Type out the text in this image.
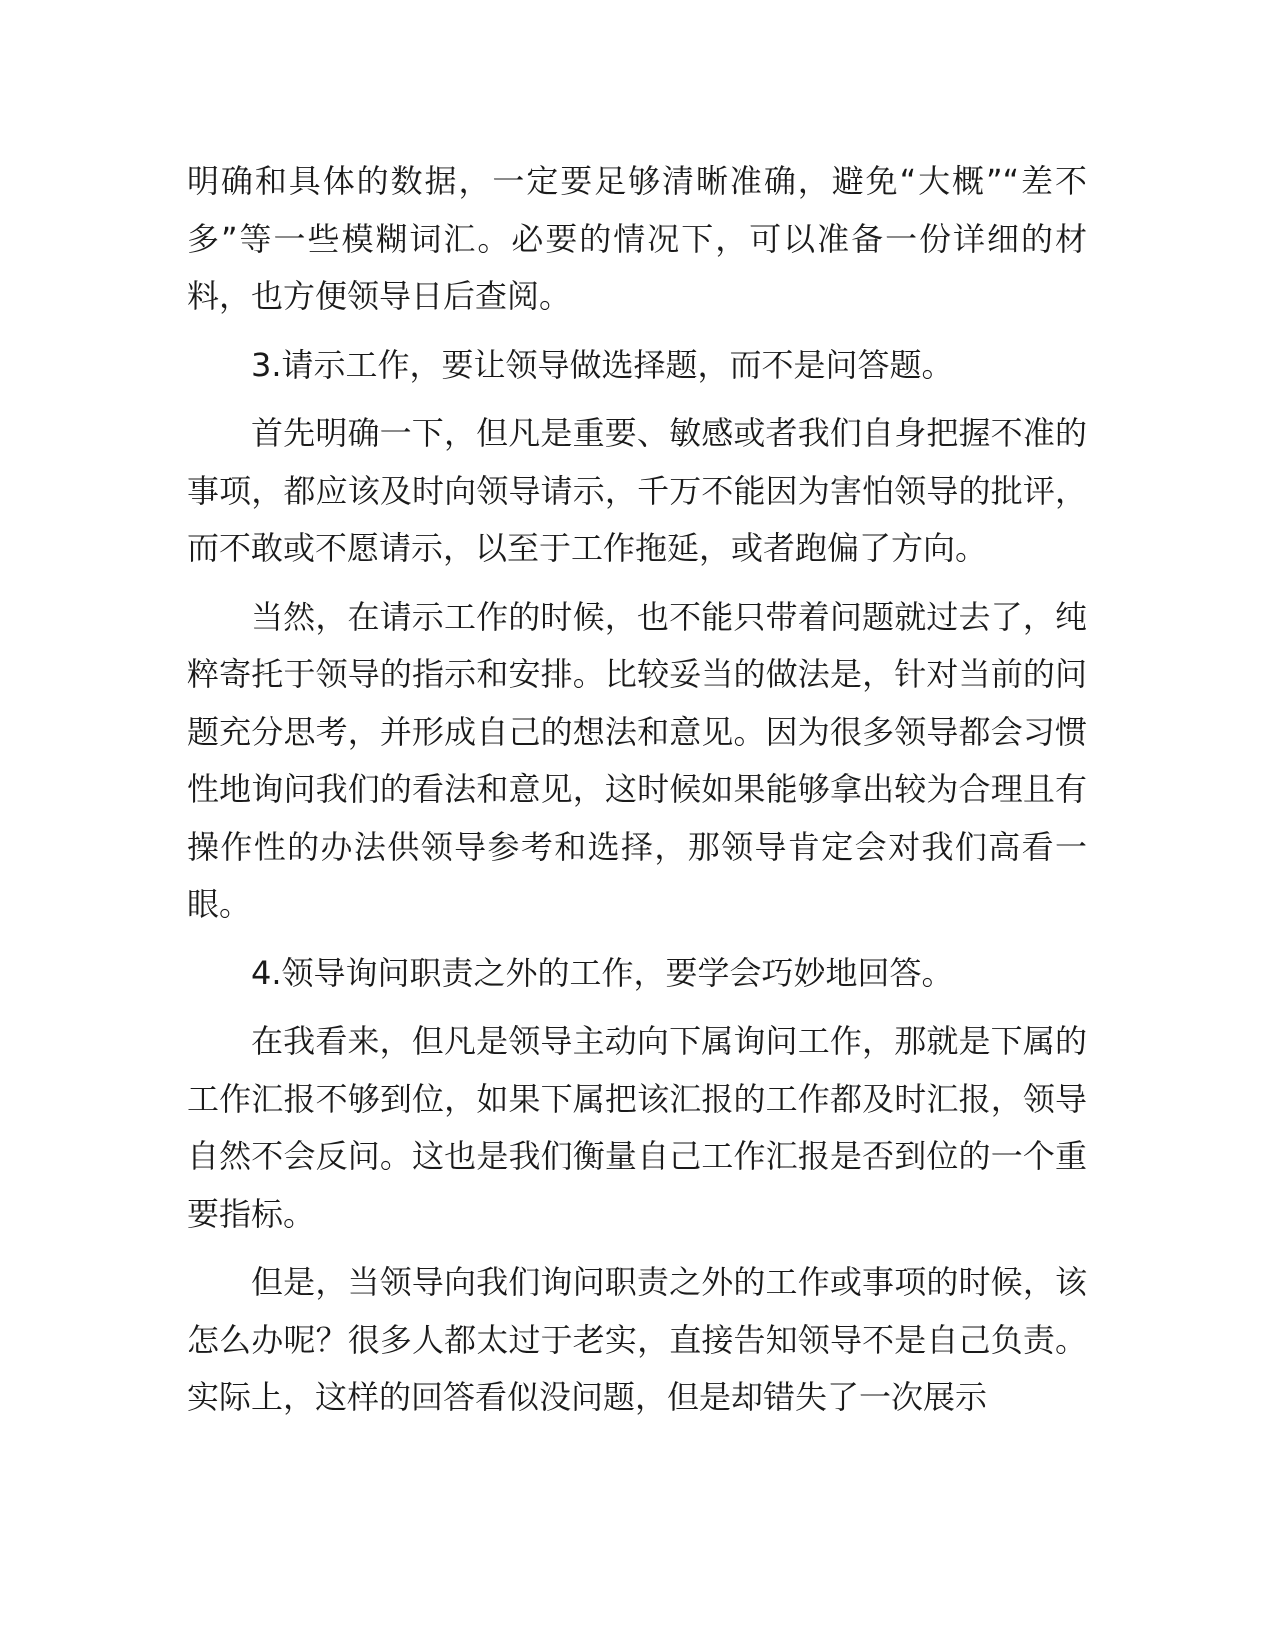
明确和具体的数据，一定要足够清晰准确，避免“大概”“差不多”等一些模糊词汇。必要的情况下，可以准备一份详细的材料，也方便领导日后查阅。

3.请示工作，要让领导做选择题，而不是问答题。

首先明确一下，但凡是重要、敏感或者我们自身把握不准的事项，都应该及时向领导请示，千万不能因为害怕领导的批评，而不敢或不愿请示，以至于工作拖延，或者跑偏了方向。

当然，在请示工作的时候，也不能只带着问题就过去了，纯粹寄托于领导的指示和安排。比较妥当的做法是，针对当前的问题充分思考，并形成自己的想法和意见。因为很多领导都会习惯性地询问我们的看法和意见，这时候如果能够拿出较为合理且有操作性的办法供领导参考和选择，那领导肯定会对我们高看一眼。

4.领导询问职责之外的工作，要学会巧妙地回答。

在我看来，但凡是领导主动向下属询问工作，那就是下属的工作汇报不够到位，如果下属把该汇报的工作都及时汇报，领导自然不会反问。这也是我们衡量自己工作汇报是否到位的一个重要指标。

但是，当领导向我们询问职责之外的工作或事项的时候，该怎么办呢？很多人都太过于老实，直接告知领导不是自己负责。实际上，这样的回答看似没问题，但是却错失了一次展示
